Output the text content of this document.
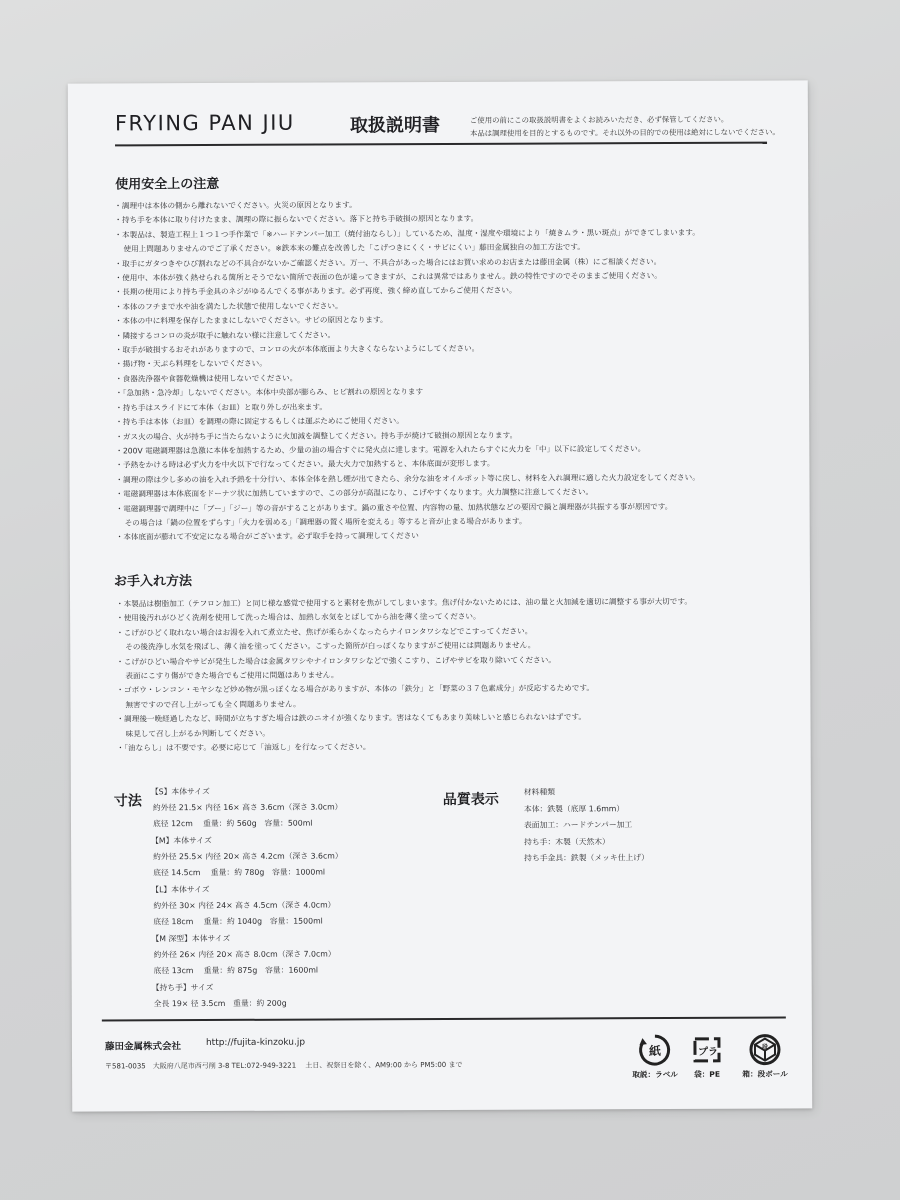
FRYING PAN JIU	取扱説明書	ご使用の前にこの取扱説明書をよくお読みいただき、必ず保管してください。
本品は調理使用を目的とするものです。それ以外の目的での使用は絶対にしないでください。
使用安全上の注意
・調理中は本体の側から離れないでください。火災の原因となります。
・持ち手を本体に取り付けたまま、調理の際に振らないでください。落下と持ち手破損の原因となります。
・本製品は、製造工程上１つ１つ手作業で「※ハードテンパー加工（焼付油ならし）」しているため、温度・湿度や環境により「焼きムラ・黒い斑点」ができてしまいます。
使用上問題ありませんのでご了承ください。※鉄本来の難点を改善した「こげつきにくく・サビにくい」藤田金属独自の加工方法です。
・取手にガタつきやひび割れなどの不具合がないかご確認ください。万一、不具合があった場合にはお買い求めのお店または藤田金属（株）にご相談ください。
・使用中、本体が強く熱せられる箇所とそうでない箇所で表面の色が違ってきますが、これは異常ではありません。鉄の特性ですのでそのままご使用ください。
・長期の使用により持ち手金具のネジがゆるんでくる事があります。必ず再度、強く締め直してからご使用ください。
・本体のフチまで水や油を満たした状態で使用しないでください。
・本体の中に料理を保存したままにしないでください。サビの原因となります。
・隣接するコンロの炎が取手に触れない様に注意してください。
・取手が破損するおそれがありますので、コンロの火が本体底面より大きくならないようにしてください。
・揚げ物・天ぷら料理をしないでください。
・食器洗浄器や食器乾燥機は使用しないでください。
・「急加熱・急冷却」しないでください。本体中央部が膨らみ、ヒビ割れの原因となります
・持ち手はスライドにて本体（お皿）と取り外しが出来ます。
・持ち手は本体（お皿）を調理の際に固定するもしくは運ぶためにご使用ください。
・ガス火の場合、火が持ち手に当たらないように火加減を調整してください。持ち手が焼けて破損の原因となります。
・200V 電磁調理器は急激に本体を加熱するため、少量の油の場合すぐに発火点に達します。電源を入れたらすぐに火力を「中」以下に設定してください。
・予熱をかける時は必ず火力を中火以下で行なってください。最大火力で加熱すると、本体底面が変形します。
・調理の際は少し多めの油を入れ予熱を十分行い、本体全体を熱し煙が出てきたら、余分な油をオイルポット等に戻し、材料を入れ調理に適した火力設定をしてください。
・電磁調理器は本体底面をドーナツ状に加熱していますので、この部分が高温になり、こげやすくなります。火力調整に注意してください。
・電磁調理器で調理中に「ブー」「ジー」等の音がすることがあります。鍋の重さや位置、内容物の量、加熱状態などの要因で鍋と調理器が共振する事が原因です。
その場合は「鍋の位置をずらす」「火力を弱める」「調理器の置く場所を変える」等すると音が止まる場合があります。
・本体底面が膨れて不安定になる場合がございます。必ず取手を持って調理してください
お手入れ方法
・本製品は樹脂加工（テフロン加工）と同じ様な感覚で使用すると素材を焦がしてしまいます。焦げ付かないためには、油の量と火加減を適切に調整する事が大切です。
・使用後汚れがひどく洗剤を使用して洗った場合は、加熱し水気をとばしてから油を薄く塗ってください。
・こげがひどく取れない場合はお湯を入れて煮立たせ、焦げが柔らかくなったらナイロンタワシなどでこすってください。
その後洗浄し水気を飛ばし、薄く油を塗ってください。こすった箇所が白っぽくなりますがご使用には問題ありません。
・こげがひどい場合やサビが発生した場合は金属タワシやナイロンタワシなどで強くこすり、こげやサビを取り除いてください。
表面にこすり傷ができた場合でもご使用に問題はありません。
・ゴボウ・レンコン・モヤシなど炒め物が黒っぽくなる場合がありますが、本体の「鉄分」と「野菜の３７色素成分」が反応するためです。
無害ですので召し上がっても全く問題ありません。
・調理後一晩経過したなど、時間が立ちすぎた場合は鉄のニオイが強くなります。害はなくてもあまり美味しいと感じられないはずです。
味見して召し上がるか判断してください。
・「油ならし」は不要です。必要に応じて「油返し」を行なってください。
寸法
【S】本体サイズ
約外径 21.5× 内径 16× 高さ 3.6cm（深さ 3.0cm）
底径 12cm　 重量：約 560g　容量：500ml
【M】本体サイズ
約外径 25.5× 内径 20× 高さ 4.2cm（深さ 3.6cm）
底径 14.5cm　 重量：約 780g　容量：1000ml
【L】本体サイズ
約外径 30× 内径 24× 高さ 4.5cm（深さ 4.0cm）
底径 18cm　 重量：約 1040g　容量：1500ml
【M 深型】本体サイズ
約外径 26× 内径 20× 高さ 8.0cm（深さ 7.0cm）
底径 13cm　 重量：約 875g　容量：1600ml
【持ち手】サイズ
全長 19× 径 3.5cm　重量：約 200g
品質表示	材料種類
本体：鉄製（底厚 1.6mm）
表面加工：ハードテンパー加工
持ち手：木製（天然木）
持ち手金具：鉄製（メッキ仕上げ）
藤田金属株式会社	http://fujita-kinzoku.jp
〒581-0035　大阪府八尾市西弓削 3-8 TEL:072-949-3221　 土日、祝祭日を除く、AM9:00 から PM5:00 まで
紙
取説：ラベル
プラ
袋：PE
段
箱：段ボール
